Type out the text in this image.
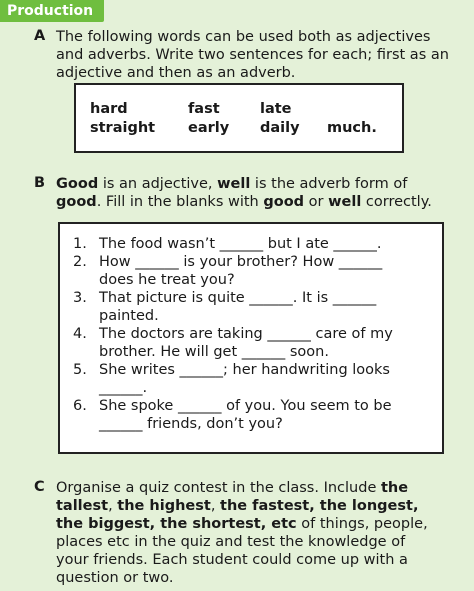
Production
A The following words can be used both as adjectives
and adverbs. Write two sentences for each; first as an
adjective and then as an adverb.
hard	fast	late
straight early daily much.
B Good is an adjective, well is the adverb form of
good. Fill in the blanks with good or well correctly.
1. The food wasn’t ______ but I ate ______.
2. How ______ is your brother? How ______
does he treat you?
3. That picture is quite ______. It is ______
painted.
4. The doctors are taking ______ care of my
brother. He will get ______ soon.
5. She writes ______; her handwriting looks
______.
6. She spoke ______ of you. You seem to be
______ friends, don’t you?
C Organise a quiz contest in the class. Include the
tallest, the highest, the fastest, the longest,
the biggest, the shortest, etc of things, people,
places etc in the quiz and test the knowledge of
your friends. Each student could come up with a
question or two.
